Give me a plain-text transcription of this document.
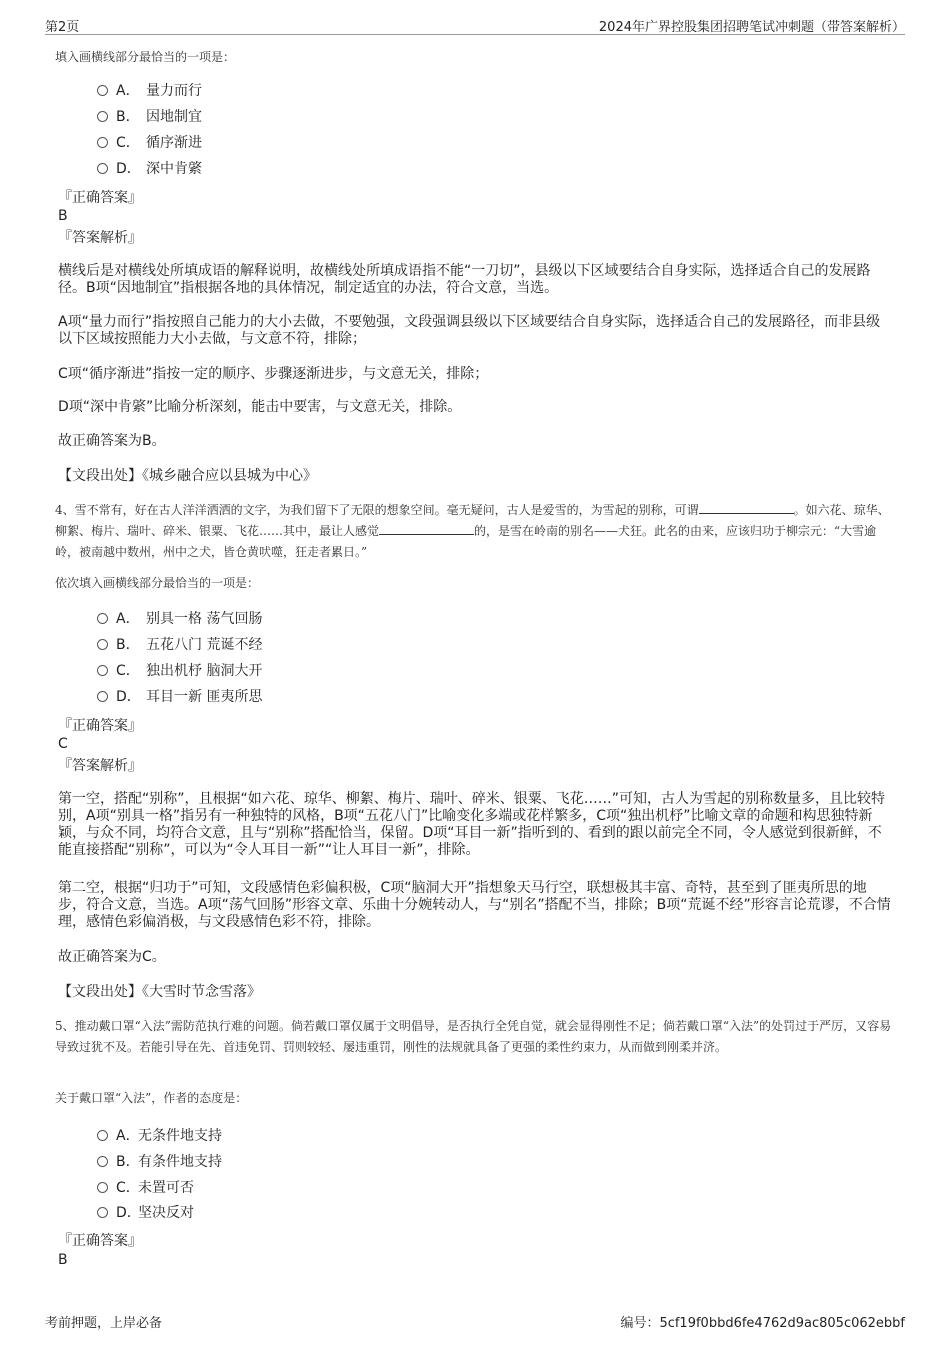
第2页	2024年广界控股集团招聘笔试冲刺题（带答案解析）
填入画横线部分最恰当的一项是：
A． 量力而行
B． 因地制宜
C． 循序渐进
D． 深中肯綮
『正确答案』
B
『答案解析』
横线后是对横线处所填成语的解释说明，故横线处所填成语指不能“一刀切”，县级以下区域要结合自身实际，选择适合自己的发展路径。B项“因地制宜”指根据各地的具体情况，制定适宜的办法，符合文意，当选。
A项“量力而行”指按照自己能力的大小去做，不要勉强，文段强调县级以下区域要结合自身实际，选择适合自己的发展路径，而非县级以下区域按照能力大小去做，与文意不符，排除；
C项“循序渐进”指按一定的顺序、步骤逐渐进步，与文意无关，排除；
D项“深中肯綮”比喻分析深刻，能击中要害，与文意无关，排除。
故正确答案为B。
【文段出处】《城乡融合应以县城为中心》
4、雪不常有，好在古人洋洋洒洒的文字，为我们留下了无限的想象空间。毫无疑问，古人是爱雪的，为雪起的别称，可谓	。如六花、琼华、柳絮、梅片、瑞叶、碎米、银粟、飞花……其中，最让人感觉	的，是雪在岭南的别名——犬狂。此名的由来，应该归功于柳宗元：“大雪逾岭，被南越中数州，州中之犬，皆仓黄吠噬，狂走者累日。”
依次填入画横线部分最恰当的一项是：
A． 别具一格 荡气回肠
B． 五花八门 荒诞不经
C． 独出机杼 脑洞大开
D． 耳目一新 匪夷所思
『正确答案』
C
『答案解析』
第一空，搭配“别称”，且根据“如六花、琼华、柳絮、梅片、瑞叶、碎米、银粟、飞花……”可知，古人为雪起的别称数量多，且比较特别，A项“别具一格”指另有一种独特的风格，B项“五花八门”比喻变化多端或花样繁多，C项“独出机杼”比喻文章的命题和构思独特新颖，与众不同，均符合文意，且与“别称”搭配恰当，保留。D项“耳目一新”指听到的、看到的跟以前完全不同，令人感觉到很新鲜，不能直接搭配“别称”，可以为“令人耳目一新”“让人耳目一新”，排除。
第二空，根据“归功于”可知，文段感情色彩偏积极，C项“脑洞大开”指想象天马行空，联想极其丰富、奇特，甚至到了匪夷所思的地步，符合文意，当选。A项“荡气回肠”形容文章、乐曲十分婉转动人，与“别名”搭配不当，排除；B项“荒诞不经”形容言论荒谬，不合情理，感情色彩偏消极，与文段感情色彩不符，排除。
故正确答案为C。
【文段出处】《大雪时节念雪落》
5、推动戴口罩“入法”需防范执行难的问题。倘若戴口罩仅属于文明倡导，是否执行全凭自觉，就会显得刚性不足；倘若戴口罩“入法”的处罚过于严厉，又容易导致过犹不及。若能引导在先、首违免罚、罚则较轻、屡违重罚，刚性的法规就具备了更强的柔性约束力，从而做到刚柔并济。
关于戴口罩“入法”，作者的态度是：
A．无条件地支持
B．有条件地支持
C．未置可否
D．坚决反对
『正确答案』
B
考前押题，上岸必备	编号：5cf19f0bbd6fe4762d9ac805c062ebbf
